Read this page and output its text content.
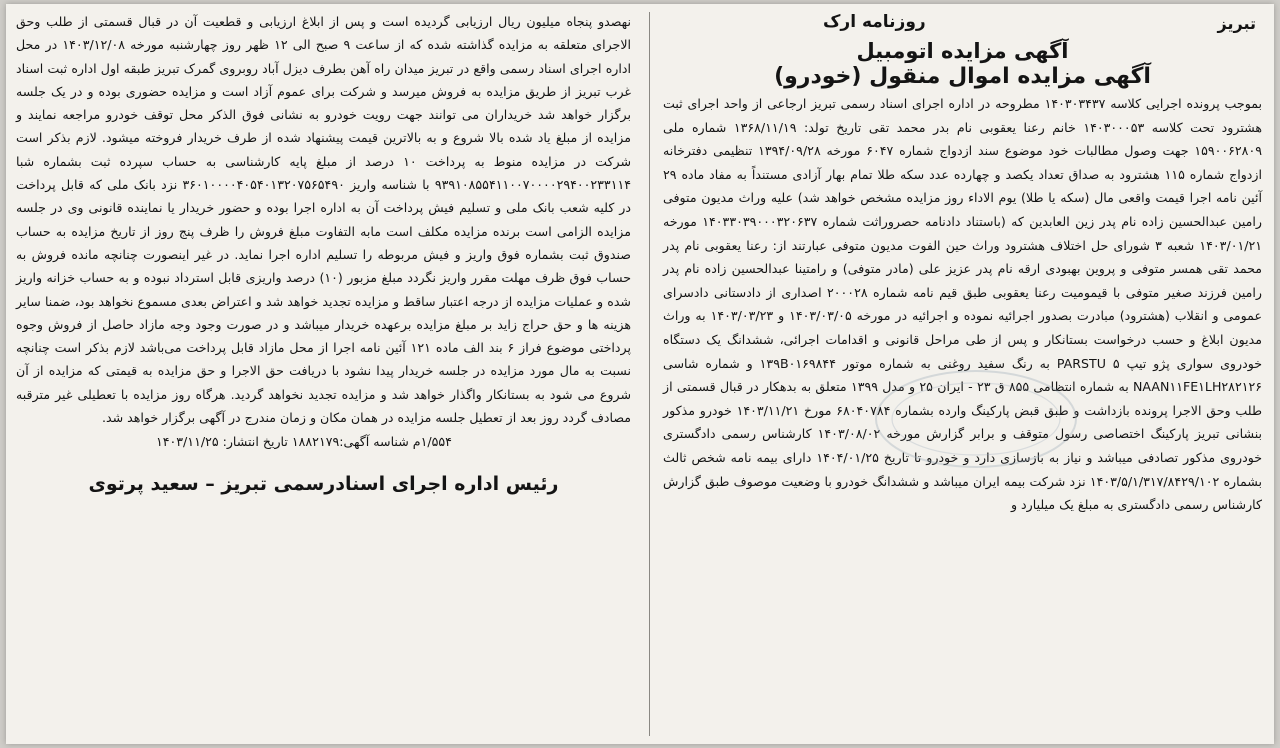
تبریز
روزنامه ارک
آگهی مزایده اتومبیل
آگهی مزایده اموال منقول (خودرو)

بموجب پرونده اجرایی کلاسه ۱۴۰۳۰۳۴۳۷ مطروحه در اداره اجرای اسناد رسمی تبریز ارجاعی از واحد اجرای ثبت هشترود تحت کلاسه ۱۴۰۳۰۰۰۵۳ خانم رعنا یعقوبی نام بدر محمد تقی تاریخ تولد: ۱۳۶۸/۱۱/۱۹ شماره ملی ۱۵۹۰۰۶۲۸۰۹ جهت وصول مطالبات خود موضوع سند ازدواج شماره ۶۰۴۷ مورخه ۱۳۹۴/۰۹/۲۸ تنظیمی دفترخانه ازدواج شماره ۱۱۵ هشترود به صداق تعداد یکصد و چهارده عدد سکه طلا تمام بهار آزادی مستنداً به مفاد ماده ۲۹ آئین نامه اجرا قیمت واقعی مال (سکه یا طلا) یوم الاداء روز مزایده مشخص خواهد شد) علیه وراث مدیون متوفی رامین عبدالحسین زاده نام پدر زین العابدین که (باستناد دادنامه حصروراثت شماره ۱۴۰۳۳۰۳۹۰۰۰۳۲۰۶۳۷ مورخه ۱۴۰۳/۰۱/۲۱ شعبه ۳ شورای حل اختلاف هشترود وراث حین الفوت مدیون متوفی عبارتند از: رعنا یعقوبی نام پدر محمد تقی همسر متوفی و پروین بهبودی ارقه نام پدر عزیز علی (مادر متوفی) و رامتینا عبدالحسین زاده نام پدر رامین فرزند صغیر متوفی با قیمومیت رعنا یعقوبی طبق قیم نامه شماره ۲۰۰۰۲۸ اصداری از دادستانی دادسرای عمومی و انقلاب (هشترود) مبادرت بصدور اجرائیه نموده و اجرائیه در مورخه ۱۴۰۳/۰۳/۰۵ و ۱۴۰۳/۰۳/۲۳ به وراث مدیون ابلاغ و حسب درخواست بستانکار و پس از طی مراحل قانونی و اقدامات اجرائی، ششدانگ یک دستگاه خودروی سواری پژو تیپ ۵ PARSTU به رنگ سفید روغنی به شماره موتور ۱۳۹B۰۱۶۹۸۴۴ و شماره شاسی NAAN۱۱FE۱LH۲۸۲۱۲۶ به شماره انتظامی ۸۵۵ ق ۲۳ - ایران ۲۵ و مدل ۱۳۹۹ متعلق به بدهکار در قبال قسمتی از طلب وحق الاجرا پرونده بازداشت و طبق قبض پارکینگ وارده بشماره ۶۸۰۴۰۷۸۴ مورخ ۱۴۰۳/۱۱/۲۱ خودرو مذکور بنشانی تبریز پارکینگ اختصاصی رسول متوقف و برابر گزارش مورخه ۱۴۰۳/۰۸/۰۲ کارشناس رسمی دادگستری خودروی مذکور تصادفی میباشد و نیاز به بازسازی دارد و خودرو تا تاریخ ۱۴۰۴/۰۱/۲۵ دارای بیمه نامه شخص ثالث بشماره ۱۴۰۳/۵/۱/۳۱۷/۸۴۲۹/۱۰۲ نزد شرکت بیمه ایران میباشد و ششدانگ خودرو با وضعیت موصوف طبق گزارش کارشناس رسمی دادگستری به مبلغ یک میلیارد و

نهصدو پنجاه میلیون ریال ارزیابی گردیده است و پس از ابلاغ ارزیابی و قطعیت آن در قبال قسمتی از طلب وحق الاجرای متعلقه به مزایده گذاشته شده که از ساعت ۹ صبح الی ۱۲ ظهر روز چهارشنبه مورخه ۱۴۰۳/۱۲/۰۸ در محل اداره اجرای اسناد رسمی واقع در تبریز میدان راه آهن بطرف دیزل آباد روبروی گمرک تبریز طبقه اول اداره ثبت اسناد غرب تبریز از طریق مزایده به فروش میرسد و شرکت برای عموم آزاد است و مزایده حضوری بوده و در یک جلسه برگزار خواهد شد خریداران می توانند جهت رویت خودرو به نشانی فوق الذکر محل توقف خودرو مراجعه نمایند و مزایده از مبلغ یاد شده بالا شروع و به بالاترین قیمت پیشنهاد شده از طرف خریدار فروخته میشود. لازم بذکر است شرکت در مزایده منوط به پرداخت ۱۰ درصد از مبلغ پایه کارشناسی به حساب سپرده ثبت بشماره شبا ۹۳۹۱۰۸۵۵۴۱۱۰۰۷۰۰۰۰۲۹۴۰۰۲۳۳۱۱۴ با شناسه واریز ۳۶۰۱۰۰۰۰۴۰۵۴۰۱۳۲۰۷۵۶۵۴۹۰ نزد بانک ملی که قابل پرداخت در کلیه شعب بانک ملی و تسلیم فیش پرداخت آن به اداره اجرا بوده و حضور خریدار یا نماینده قانونی وی در جلسه مزایده الزامی است برنده مزایده مکلف است مابه التفاوت مبلغ فروش را ظرف پنج روز از تاریخ مزایده به حساب صندوق ثبت بشماره فوق واریز و فیش مربوطه را تسلیم اداره اجرا نماید. در غیر اینصورت چنانچه مانده فروش به حساب فوق ظرف مهلت مقرر واریز نگردد مبلغ مزبور (۱۰) درصد واریزی قابل استرداد نبوده و به حساب خزانه واریز شده و عملیات مزایده از درجه اعتبار ساقط و مزایده تجدید خواهد شد و اعتراض بعدی مسموع نخواهد بود، ضمنا سایر هزینه ها و حق حراج زاید بر مبلغ مزایده برعهده خریدار میباشد و در صورت وجود وجه مازاد حاصل از فروش وجوه پرداختی موضوع فراز ۶ بند الف ماده ۱۲۱ آئین نامه اجرا از محل مازاد قابل پرداخت می‌باشد لازم بذکر است چنانچه نسبت به مال مورد مزایده در جلسه خریدار پیدا نشود با دریافت حق الاجرا و حق مزایده به قیمتی که مزایده از آن شروع می شود به بستانکار واگذار خواهد شد و مزایده تجدید نخواهد گردید. هرگاه روز مزایده با تعطیلی غیر مترقبه مصادف گردد روز بعد از تعطیل جلسه مزایده در همان مکان و زمان مندرج در آگهی برگزار خواهد شد.

۱/۵۵۴م شناسه آگهی:۱۸۸۲۱۷۹ تاریخ انتشار: ۱۴۰۳/۱۱/۲۵
رئیس اداره اجرای اسنادرسمی تبریز – سعید پرتوی
